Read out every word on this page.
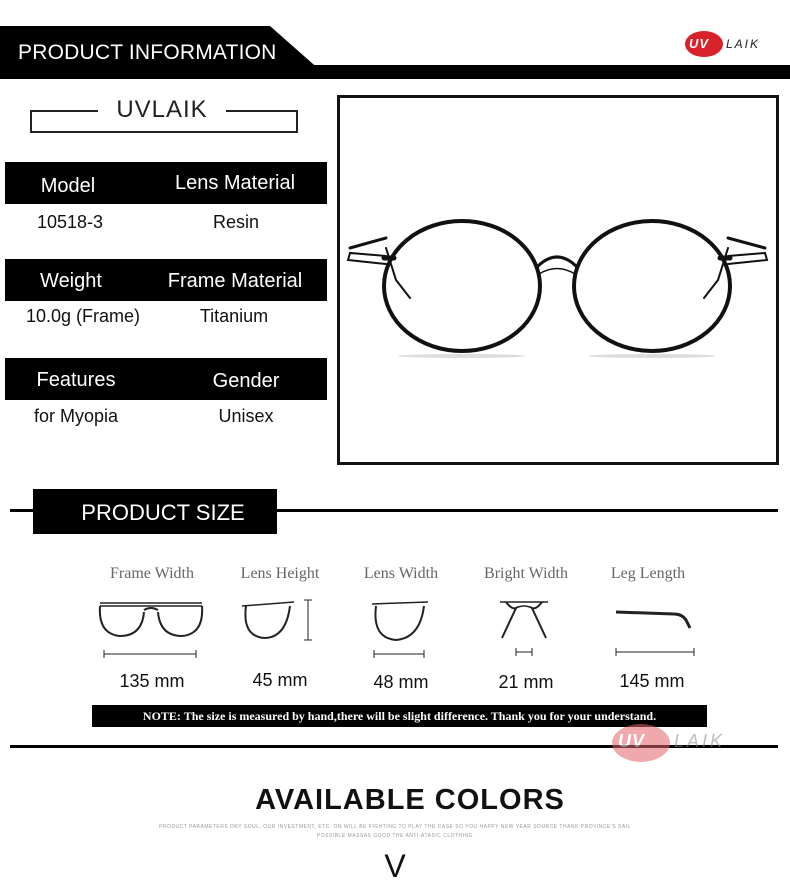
PRODUCT INFORMATION	UV LAIK
UVLAIK
Model	Lens Material
10518-3	Resin
Weight	Frame Material
10.0g (Frame)	Titanium
Features	Gender
for Myopia	Unisex
PRODUCT SIZE
Frame Width
135 mm
Lens Height
45 mm
Lens Width
48 mm
Bright Width
21 mm
Leg Length
145 mm
NOTE: The size is measured by hand,there will be slight difference. Thank you for your understand.
UV LAIK
AVAILABLE COLORS
PRODUCT PARAMETERS DRY SOUL, OUR INVESTMENT, ETC. ON WILL BE FIGHTING TO PLAY THE CASE SO YOU HAPPY NEW YEAR SOURCE THANK PROVINCE'S SAIL
POSSIBLE MASSAS GOOD THE ANTI-ATASIC CLOTHING
V
